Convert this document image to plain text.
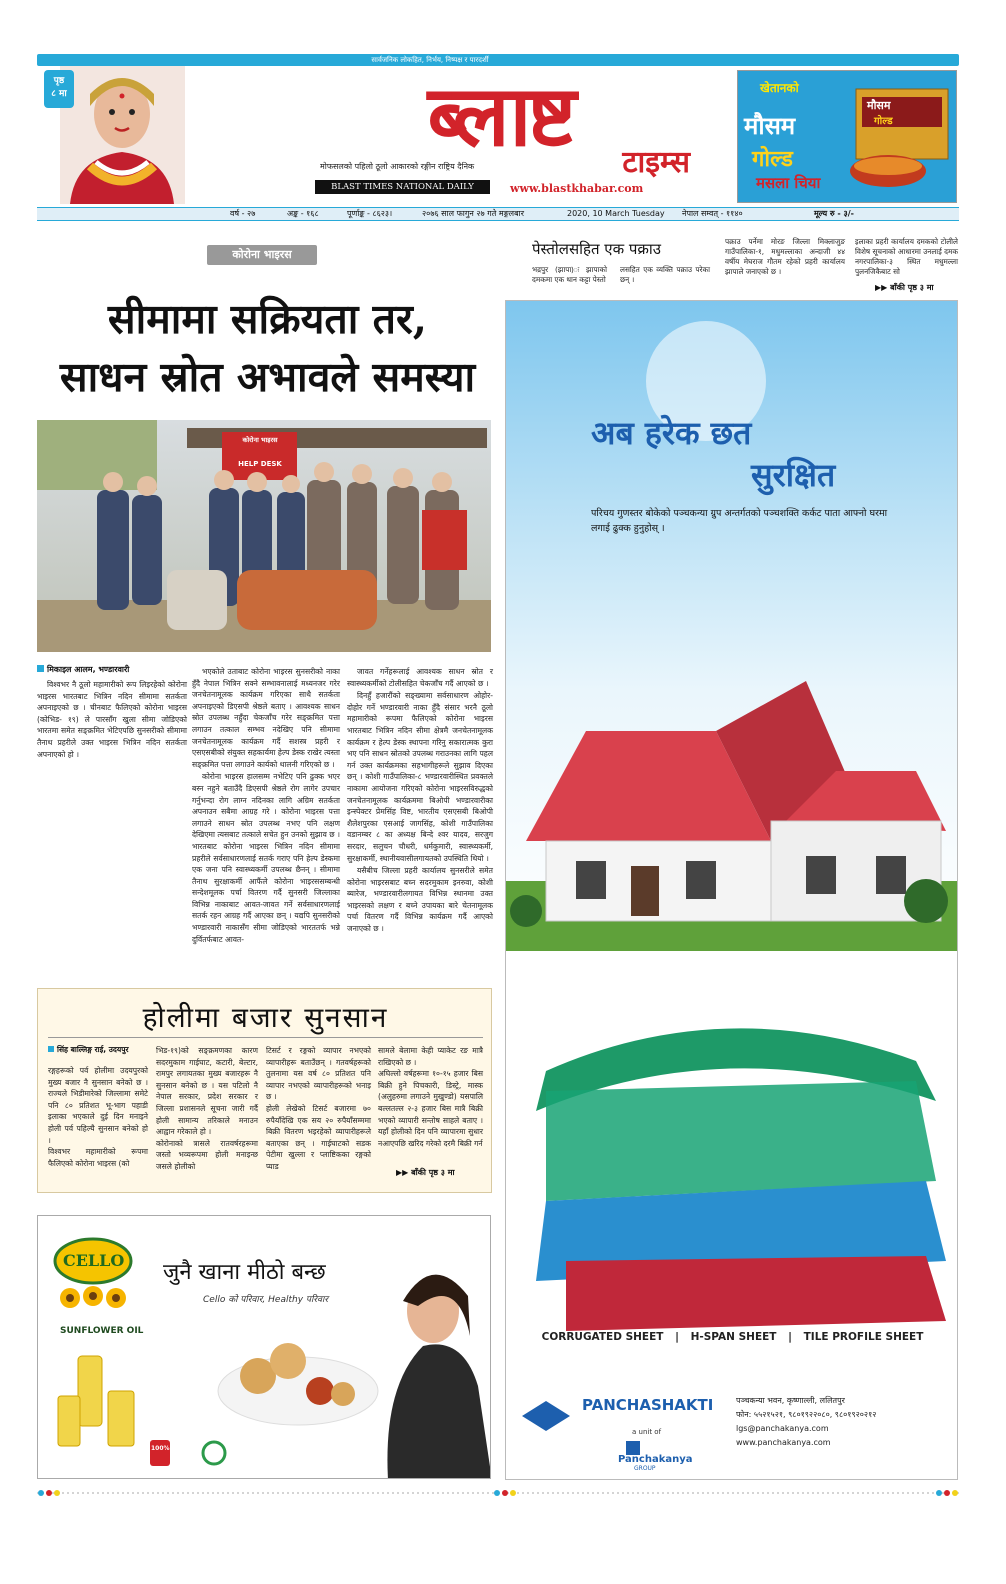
सार्वजनिक लोकहित, निर्भय, निष्पक्ष र पारदर्शी
पृष्ठ
८ मा	ब्लाष्ट	टाइम्स
मोफसलको पहिलो ठूलो आकारको रङ्गीन राष्ट्रिय दैनिक
BLAST TIMES NATIONAL DAILY	www.blastkhabar.com
खेतानको
मौसम
गोल्ड
मसला चिया
मौसम
गोल्ड
वर्ष - २७	अङ्क - १६८	पूर्णाङ्क - ८६२३।	२०७६ साल फागुन २७ गते मङ्गलबार	2020, 10 March Tuesday नेपाल सम्वत् - ११४०	मूल्य रु - ३/-
कोरोना भाइरस
सीमामा सक्रियता तर,
साधन स्रोत अभावले समस्या
कोरोना भाइरस
HELP DESK
मिकाइल आलम, भण्डारवारी

विश्वभर नै ठूलो महामारीको रूप लिइरहेको कोरोना भाइरस भारतबाट भित्रिन नदिन सीमामा सतर्कता अपनाइएको छ । चीनबाट फैलिएको कोरोना भाइरस (कोभिड- १९) ले पारसाँग खुला सीमा जोडिएको भारतमा समेत सङ्क्रमित भेटिएपछि सुनसरीको सीमामा तैनाथ प्रहरीले उक्त भाइरस भित्रिन नदिन सतर्कता अपनाएको हो ।

भएकोले उताबाट कोरोना भाइरस सुनसरीको नाका हुँदै नेपाल भित्रिन सक्ने सम्भावनालाई मध्यनजर गरेर जनचेतनामूलक कार्यक्रम गरिएका साथै सतर्कता अपनाइएको डिएसपी श्रेष्ठले बताए । आवश्यक साधन स्रोत उपलब्ध नहुँदा चेकजाँच गरेर सङ्क्रमित पत्ता लगाउन तत्काल सम्भव नदेखिए पनि सीमामा जनचेतनामूलक कार्यक्रम गर्दै सशस्त्र प्रहरी र एसएसबीको संयुक्त सहकार्यमा हेल्प डेस्क राखेर त्यस्ता सङ्क्रमित पत्ता लगाउने कार्यको थालनी गरिएको छ ।

कोरोना भाइरस हालसम्म नभेटिए पनि ढुक्क भएर बस्न नहुने बताउँदै डिएसपी श्रेष्ठले रोग लागेर उपचार गर्नुभन्दा रोग लाग्न नदिनका लागि अग्रिम सतर्कता अपनाउन सबैमा आग्रह गरे । कोरोना भाइरस पत्ता लगाउने साधन स्रोत उपलब्ध नभए पनि लक्षण देखिएमा त्यसबाट तत्काले सचेत हुन उनको सुझाव छ । भारतबाट कोरोना भाइरस भित्रिन नदिन सीमामा प्रहरीले सर्वसाधारणलाई सतर्क गराए पनि हेल्प डेस्कमा एक जना पनि स्वास्थ्यकर्मी उपलब्ध छैनन् । सीमामा तैनाथ सुरक्षाकर्मी आफैंले कोरोना भाइरससम्बन्धी सन्देशमूलक पर्चा वितरण गर्दै सुनसरी जिल्लाका विभिन्न नाकाबाट आवत-जावत गर्ने सर्वसाधारणलाई सतर्क रहन आग्रह गर्दै आएका छन् । यद्यपि सुनसरीको भण्डारवारी नाकासँग सीमा जोडिएको भारततर्फ भन्ने दुर्वितर्फबाट आवत-

जावत गर्नेहरूलाई आवश्यक साधन स्रोत र स्वास्थ्यकर्मीको टोलीसहित चेकजाँच गर्दै आएको छ ।

दिनहुँ हजारौंको सङ्ख्यामा सर्वसाधारण ओहोर-दोहोर गर्ने भण्डारवारी नाका हुँदै संसार भरनै ठूलो महामारीको रूपमा फैलिएको कोरोना भाइरस भारतबाट भित्रिन नदिन सीमा क्षेत्रमै जनचेतनामूलक कार्यक्रम र हेल्प डेस्क स्थापना गरिनु सकारात्मक कुरा भए पनि साधन स्रोतको उपलब्ध गराउनका लागि पहल गर्न उक्त कार्यक्रमका सहभागीहरूले सुझाव दिएका छन् । कोशी गाउँपालिका-८ भण्डारवारीस्थित प्रवक्तले नाकामा आयोजना गरिएको कोरोना भाइरसविरुद्धको जनचेतनामूलक कार्यक्रममा बिओपी भण्डारवारीका इन्स्पेक्टर प्रेमसिंह विष्ट, भारतीय एसएसबी बिओपी शैलेशपुरका एसआई जागसिंह, कोशी गाउँपालिका वडानम्बर ८ का अध्यक्ष बिन्दे श्वर यादव, सरजुग सरदार, सलुचन चौधरी, धर्मकुमारी, स्वास्थ्यकर्मी, सुरक्षाकर्मी, स्थानीयवासीलगायतको उपस्थिति थियो ।

यसैबीच जिल्ला प्रहरी कार्यालय सुनसरीले समेत कोरोना भाइरसबाट बच्न सदरमुकाम इनरुवा, कोशी ब्यारेज, भण्डारवारीलगायत विभिन्न स्थानमा उक्त भाइरसको लक्षण र बच्ने उपायका बारे चेतनामूलक पर्चा वितरण गर्दै विभिन्न कार्यक्रम गर्दै आएको जनाएको छ ।

होलीमा बजार सुनसान
सिंह बाल्लिङ्ग राई, उदयपुर
रङ्गहरूको पर्व होलीमा उदयपुरको मुख्य बजार नै सुनसान बनेको छ । राज्यले भिडीमारेको जिल्लामा समेटे पनि ८० प्रतिशत भू-भाग पहाडी इलाका भएकाले दुई दिन मनाइने होली पर्व पहिल्यै सुनसान बनेको हो ।
विश्वभर महामारीको रूपमा फैलिएको कोरोना भाइरस (को
भिड-१९)को सङ्क्रमणका कारण सदरमुकाम गाईघाट, कटारी, बेल्टार, रामपुर लगायतका मुख्य बजारहरू नै सुनसान बनेको छ । यस पटिलो नै नेपाल सरकार, प्रदेश सरकार र जिल्ला प्रशासनले सूचना जारी गर्दै होली सामान्य तरिकाले मनाउन आह्वान गरेकाले हो ।
कोरोनाको त्रासले रातवर्षरहरूमा जस्तो भव्यरूपमा होली मनाइन्छ जसले होलीको
टिसर्ट र रङ्गको व्यापार नभएको व्यापारीहरू बताउँछन् । गतवर्षहरूको तुलनामा यस वर्ष ८० प्रतिशत पनि व्यापार नभएको व्यापारीहरूको भनाइ छ ।
होली लेखेको टिसर्ट बजारमा ७० रुपैयाँदेखि एक सय २० रुपैयाँसम्ममा बिक्री वितरण भइरहेको व्यापारीहरूले बताएका छन् । गाईघाटको सडक पेटीमा खुल्ला र प्लाष्टिकका रङ्गको प्याड
सामले बेलामा केही प्याकेट रङ मात्रै राखिएको छ ।
अघिल्लो वर्षहरूमा १०-१५ हजार बिस बिक्री हुने पिचकारी, डिस्ट्रे, मास्क (अलुहरुमा लगाउने मुखुण्डो) यसपालि बल्लतल्ल २-३ हजार बिस मात्रै बिक्री भएको व्यापारी सन्तोष साहले बताए । यहाँ होलीको दिन पनि व्यापारमा सुधार नआएपछि खरिद गरेको दरमै बिक्री गर्न
▶▶ बाँकी पृष्ठ ३ मा
CELLO
SUNFLOWER OIL
जुनै खाना मीठो बन्छ
Cello को परिवार, Healthy परिवार
100%
पेस्तोलसहित एक पक्राउ
भद्रपुर (झापा)ः झापाको दमकमा एक थान कट्टा पेस्तो
लसहित एक व्यक्ति पक्राउ परेका छन् ।
पक्राउ पर्नेमा मोरङ जिल्ला मिक्लाजुङ गाउँपालिका-१, मधुमल्लाका अन्दाजी ४४ वर्षीय मेघराज गौतम रहेको प्रहरी कार्यालय झापाले जनाएको छ ।
इलाका प्रहरी कार्यालय दमकको टोलीले विशेष सूचनाको आधारमा उनलाई दमक नगरपालिका-३ स्थित मधुमल्ला पुलनजिकैबाट सो
▶▶ बाँकी पृष्ठ ३ मा
अब हरेक छत
सुरक्षित
परिचय गुणस्तर बोकेको पञ्चकन्या ग्रुप अन्तर्गतको पञ्चशक्ति कर्कट पाता आफ्नो घरमा लगाई ढुक्क हुनुहोस् ।
CORRUGATED SHEET | H-SPAN SHEET | TILE PROFILE SHEET
PANCHASHAKTI
a unit of
Panchakanya
GROUP
पञ्चकन्या भवन, कृष्णाल्ली, ललितपुर
फोन: ५५२१५२१, ९८०१९२२०८०, ९८०१९२०२१२
lgs@panchakanya.com
www.panchakanya.com
